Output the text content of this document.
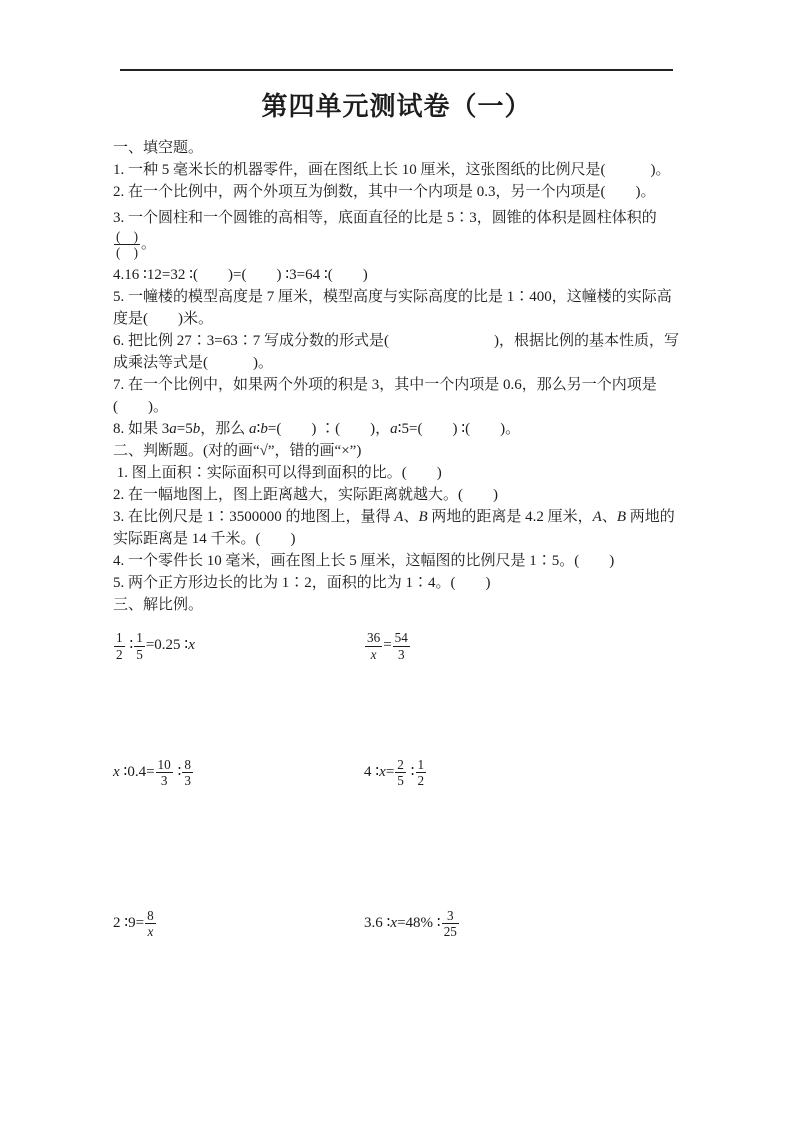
第四单元测试卷（一）

一、填空题。

1. 一种 5 毫米长的机器零件，画在图纸上长 10 厘米，这张图纸的比例尺是(　　　)。

2. 在一个比例中，两个外项互为倒数，其中一个内项是 0.3，另一个内项是(　　)。

3. 一个圆柱和一个圆锥的高相等，底面直径的比是 5∶3，圆锥的体积是圆柱体积的
$\frac{( )}{( )}$ 。

4.16 ∶12=32 ∶(　　)=(　　) ∶3=64 ∶(　　)

5. 一幢楼的模型高度是 7 厘米，模型高度与实际高度的比是 1∶400，这幢楼的实际高度是(　　)米。

6. 把比例 27∶3=63∶7 写成分数的形式是(　　　　　　　)，根据比例的基本性质，写成乘法等式是(　　　)。

7. 在一个比例中，如果两个外项的积是 3，其中一个内项是 0.6，那么另一个内项是(　　)。

8. 如果 3a=5b，那么 a∶b=(　　) ∶(　　)，a∶5=(　　) ∶(　　)。

二、判断题。(对的画“√”，错的画“×”)

1. 图上面积∶实际面积可以得到面积的比。(　　)

2. 在一幅地图上，图上距离越大，实际距离就越大。(　　)

3. 在比例尺是 1∶3500000 的地图上，量得 A、B 两地的距离是 4.2 厘米，A、B 两地的实际距离是 14 千米。(　　)

4. 一个零件长 10 毫米，画在图上长 5 厘米，这幅图的比例尺是 1∶5。(　　)

5. 两个正方形边长的比为 1∶2，面积的比为 1∶4。(　　)

三、解比例。

$\frac{1}{2}$ ∶ $\frac{1}{5} =0.25$ ∶x	$\frac{36}{x} = \frac{54}{3}$

x ∶0.4= $\frac{10}{3}$ ∶ $\frac{8}{3}$	4 ∶x= $\frac{2}{5}$ ∶ $\frac{1}{2}$

2 ∶9= $\frac{8}{x}$	3.6 ∶x=48% ∶ $\frac{3}{25}$
